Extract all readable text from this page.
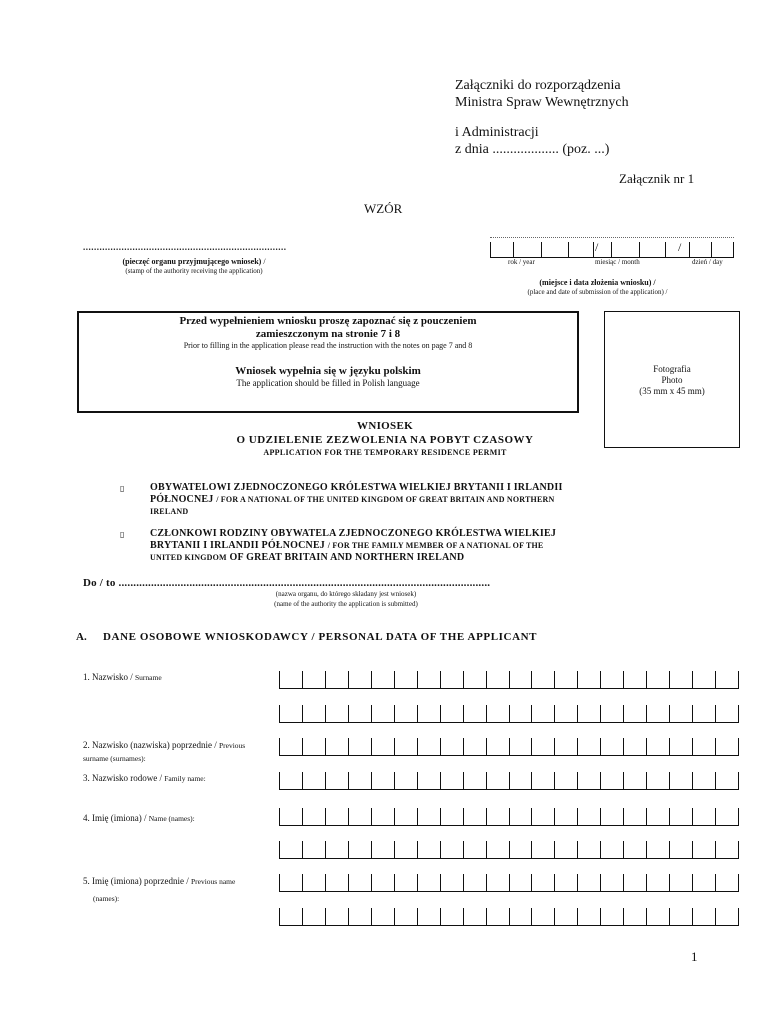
Załączniki do rozporządzenia
Ministra Spraw Wewnętrznych
i Administracji
z dnia ................... (poz. ...)
Załącznik nr 1
WZÓR
..........................................................................
(pieczęć organu przyjmującego wniosek) /
(stamp of the authority receiving the application)
/	/
rok / year	miesiąc / month	dzień / day
(miejsce i data złożenia wniosku) /
(place and date of submission of the application) /
Przed wypełnieniem wniosku proszę zapoznać się z pouczeniem
zamieszczonym na stronie 7 i 8
Prior to filling in the application please read the instruction with the notes on page 7 and 8
Wniosek wypełnia się w języku polskim
The application should be filled in Polish language
Fotografia
Photo
(35 mm x 45 mm)
WNIOSEK
O UDZIELENIE ZEZWOLENIA NA POBYT CZASOWY
APPLICATION FOR THE TEMPORARY RESIDENCE PERMIT
▯	OBYWATELOWI ZJEDNOCZONEGO KRÓLESTWA WIELKIEJ BRYTANII I IRLANDII PÓŁNOCNEJ / FOR A NATIONAL OF THE UNITED KINGDOM OF GREAT BRITAIN AND NORTHERN IRELAND
▯	CZŁONKOWI RODZINY OBYWATELA ZJEDNOCZONEGO KRÓLESTWA WIELKIEJ BRYTANII I IRLANDII PÓŁNOCNEJ / FOR THE FAMILY MEMBER OF A NATIONAL OF THE UNITED KINGDOM OF GREAT BRITAIN AND NORTHERN IRELAND
Do / to ..............................................................................................................................
(nazwa organu, do którego składany jest wniosek)
(name of the authority the application is submitted)
A. DANE OSOBOWE WNIOSKODAWCY / PERSONAL DATA OF THE APPLICANT
1. Nazwisko / Surname
2. Nazwisko (nazwiska) poprzednie / Previous
surname (surnames):
3. Nazwisko rodowe / Family name:
4. Imię (imiona) / Name (names):
5. Imię (imiona) poprzednie / Previous name
(names):
1
